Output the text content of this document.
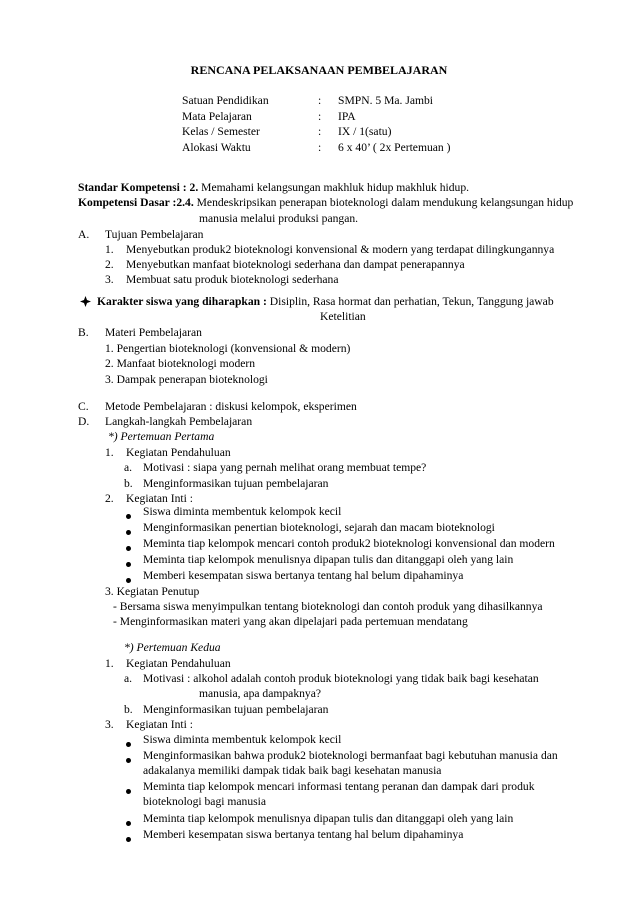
RENCANA PELAKSANAAN PEMBELAJARAN
Satuan Pendidikan	: SMPN. 5 Ma. Jambi
Mata Pelajaran	: IPA
Kelas / Semester	: IX / 1(satu)
Alokasi Waktu	: 6 x 40’ ( 2x Pertemuan )
Standar Kompetensi : 2. Memahami kelangsungan makhluk hidup makhluk hidup.
Kompetensi Dasar :2.4. Mendeskripsikan penerapan bioteknologi dalam mendukung kelangsungan hidup
manusia melalui produksi pangan.
A. Tujuan Pembelajaran
1. Menyebutkan produk2 bioteknologi konvensional & modern yang terdapat dilingkungannya
2. Menyebutkan manfaat bioteknologi sederhana dan dampat penerapannya
3. Membuat satu produk bioteknologi sederhana
Karakter siswa yang diharapkan : Disiplin, Rasa hormat dan perhatian, Tekun, Tanggung jawab
Ketelitian
B. Materi Pembelajaran
1. Pengertian bioteknologi (konvensional & modern)
2. Manfaat bioteknologi modern
3. Dampak penerapan bioteknologi
C. Metode Pembelajaran : diskusi kelompok, eksperimen
D. Langkah-langkah Pembelajaran
*) Pertemuan Pertama
1. Kegiatan Pendahuluan
a. Motivasi : siapa yang pernah melihat orang membuat tempe?
b. Menginformasikan tujuan pembelajaran
2. Kegiatan Inti :
Siswa diminta membentuk kelompok kecil
Menginformasikan penertian bioteknologi, sejarah dan macam bioteknologi
Meminta tiap kelompok mencari contoh produk2 bioteknologi konvensional dan modern
Meminta tiap kelompok menulisnya dipapan tulis dan ditanggapi oleh yang lain
Memberi kesempatan siswa bertanya tentang hal belum dipahaminya
3. Kegiatan Penutup
- Bersama siswa menyimpulkan tentang bioteknologi dan contoh produk yang dihasilkannya
- Menginformasikan materi yang akan dipelajari pada pertemuan mendatang
*) Pertemuan Kedua
1. Kegiatan Pendahuluan
a. Motivasi : alkohol adalah contoh produk bioteknologi yang tidak baik bagi kesehatan
manusia, apa dampaknya?
b. Menginformasikan tujuan pembelajaran
3. Kegiatan Inti :
Siswa diminta membentuk kelompok kecil
Menginformasikan bahwa produk2 bioteknologi bermanfaat bagi kebutuhan manusia dan
adakalanya memiliki dampak tidak baik bagi kesehatan manusia
Meminta tiap kelompok mencari informasi tentang peranan dan dampak dari produk
bioteknologi bagi manusia
Meminta tiap kelompok menulisnya dipapan tulis dan ditanggapi oleh yang lain
Memberi kesempatan siswa bertanya tentang hal belum dipahaminya
